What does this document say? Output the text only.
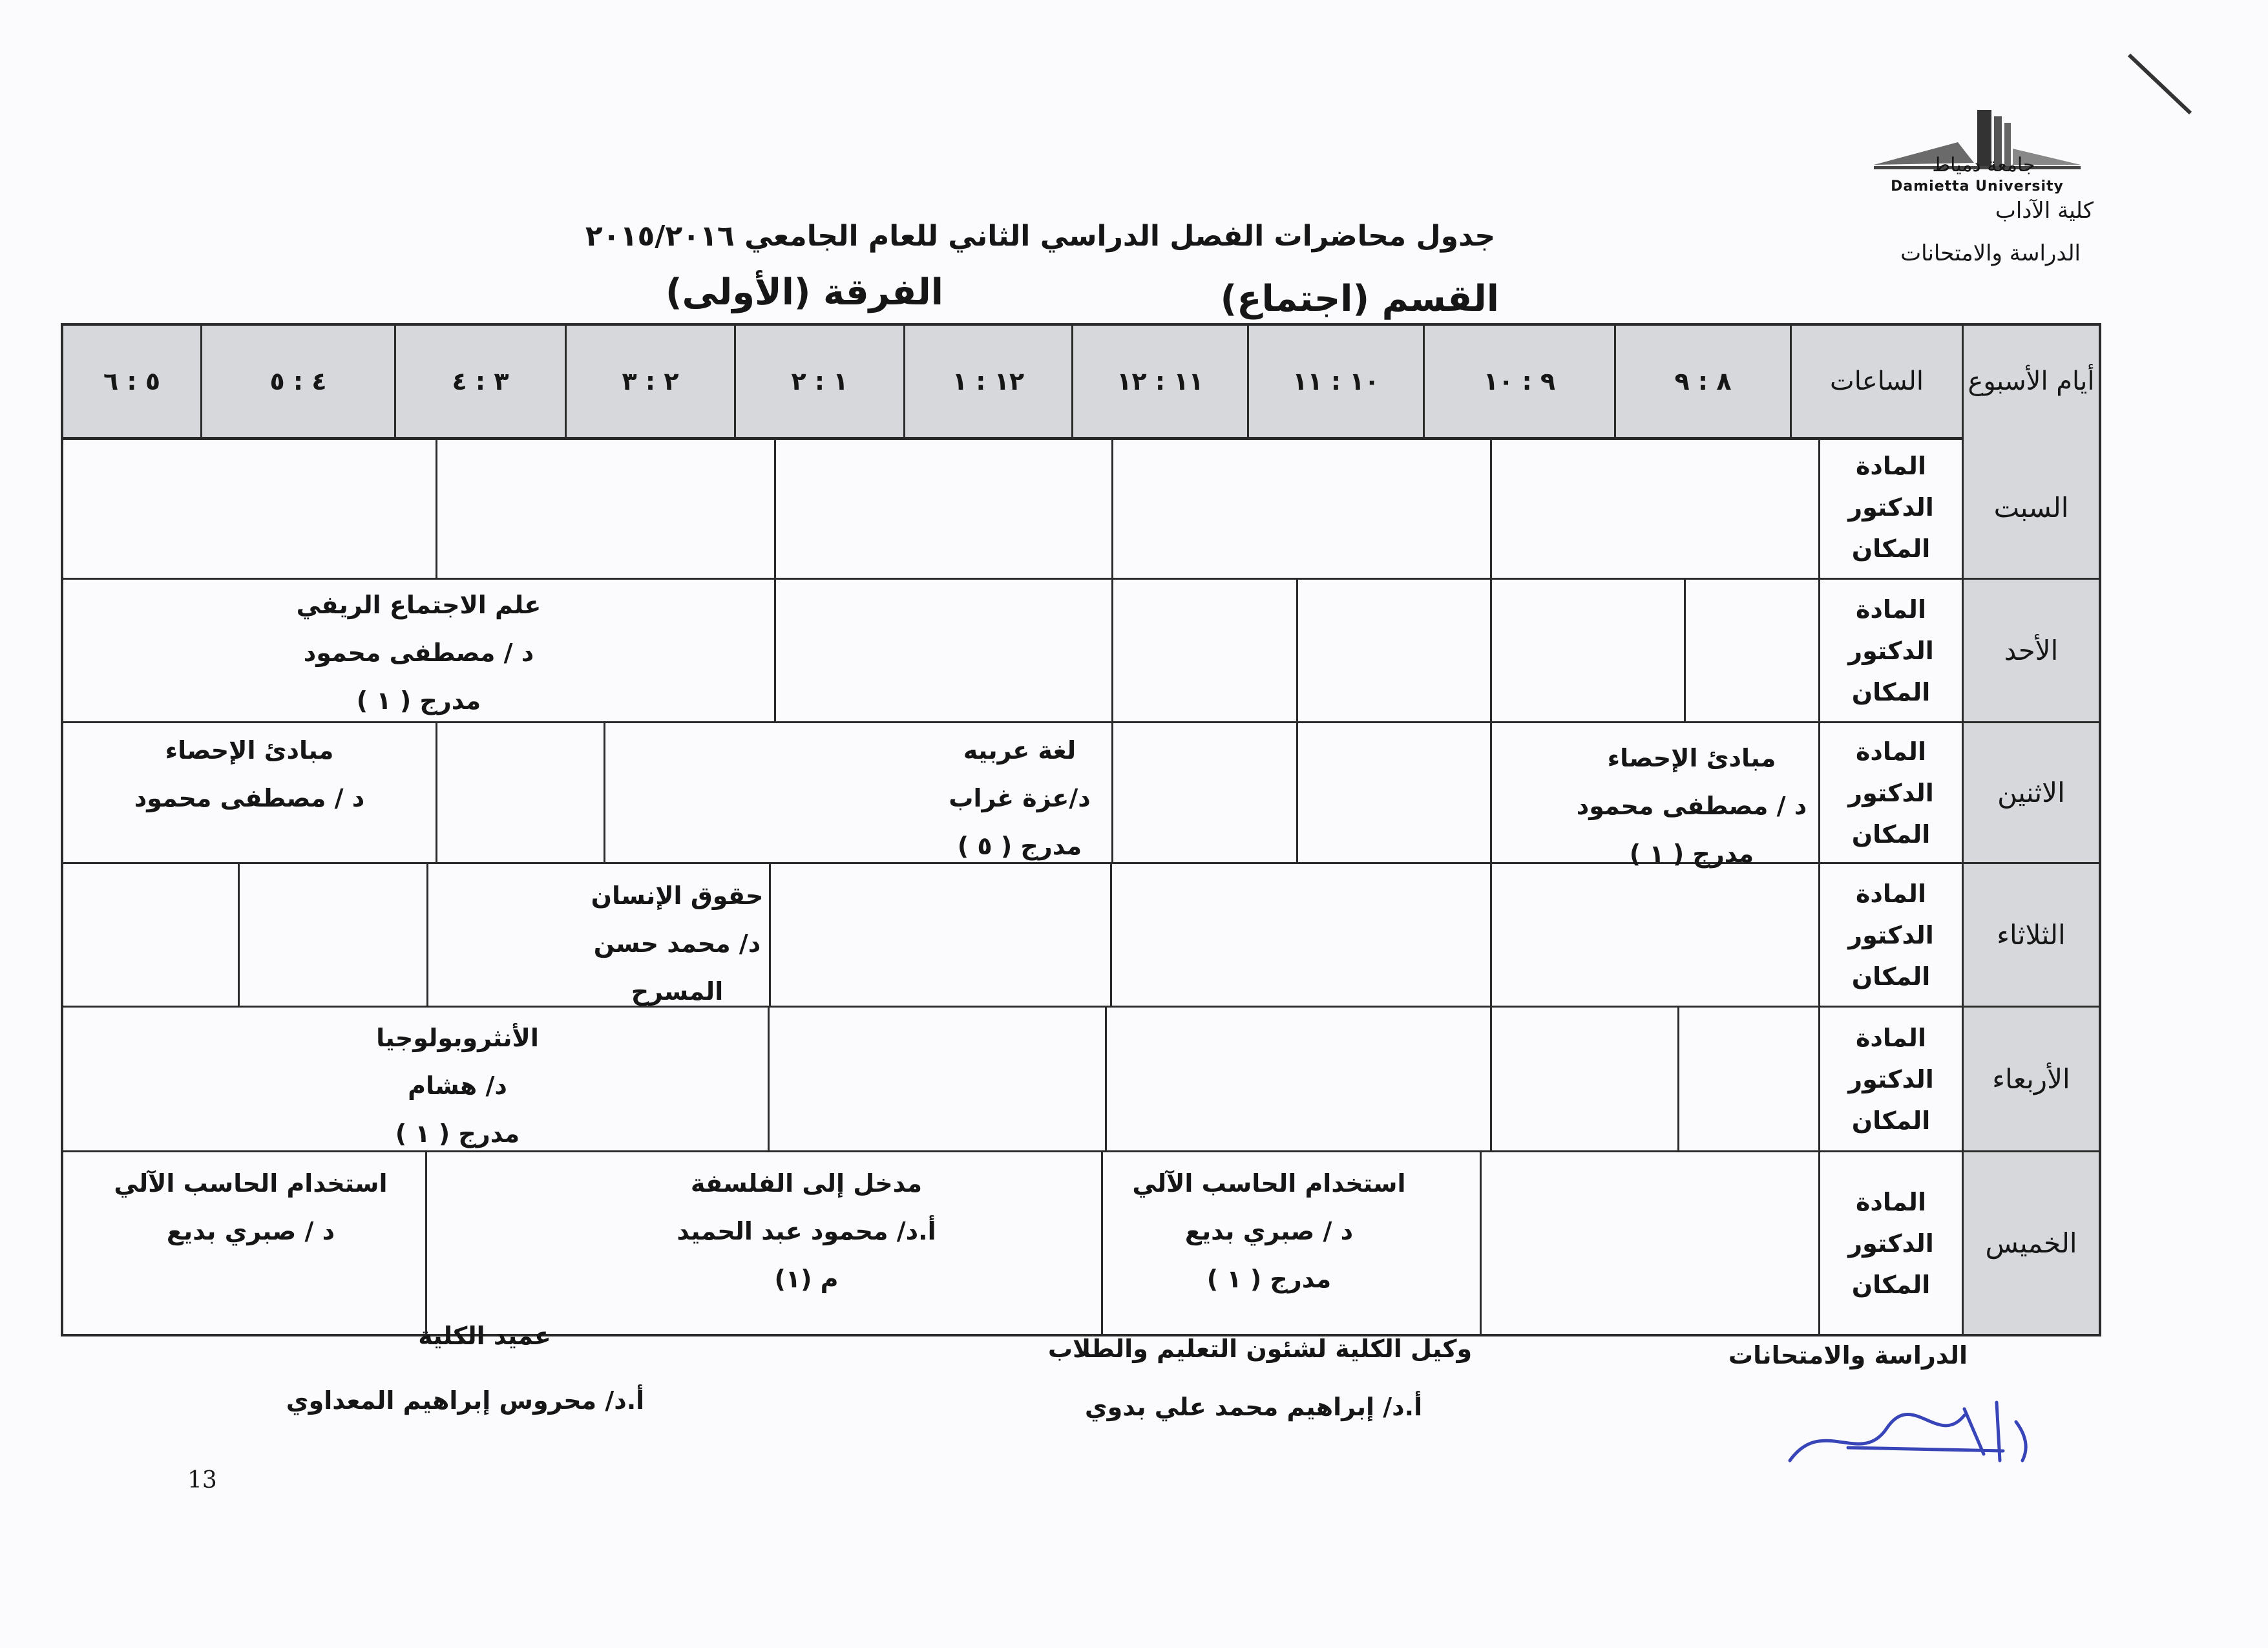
جامعة دمياط
Damietta University
كلية الآداب
الدراسة والامتحانات
جدول محاضرات الفصل الدراسي الثاني للعام الجامعي ٢٠١٥/٢٠١٦
القسم (اجتماع)
الفرقة (الأولى)
أيام الأسبوع
الساعات
٨ : ٩
٩ : ١٠
١٠ : ١١
١١ : ١٢
١٢ : ١
١ : ٢
٢ : ٣
٣ : ٤
٤ : ٥
٥ : ٦
السبت
الأحد
الاثنين
الثلاثاء
الأربعاء
الخميس
المادة
الدكتور
المكان
المادة
الدكتور
المكان
المادة
الدكتور
المكان
المادة
الدكتور
المكان
المادة
الدكتور
المكان
المادة
الدكتور
المكان
علم الاجتماع الريفي
د / مصطفى محمود
مدرج ( ١ )
مبادئ الإحصاء
د / مصطفى محمود
مدرج ( ١ )
لغة عربيه
د/عزة غراب
مدرج ( ٥ )
مبادئ الإحصاء
د / مصطفى محمود
حقوق الإنسان
د/ محمد حسن
المسرح
الأنثروبولوجيا
د/ هشام
مدرج ( ١ )
استخدام الحاسب الآلي
د / صبري بديع
مدرج ( ١ )
مدخل إلى الفلسفة
أ.د/ محمود عبد الحميد
م (١)
استخدام الحاسب الآلي
د / صبري بديع
الدراسة والامتحانات
وكيل الكلية لشئون التعليم والطلاب
أ.د/ إبراهيم محمد علي بدوي
عميد الكلية
أ.د/ محروس إبراهيم المعداوي
13
